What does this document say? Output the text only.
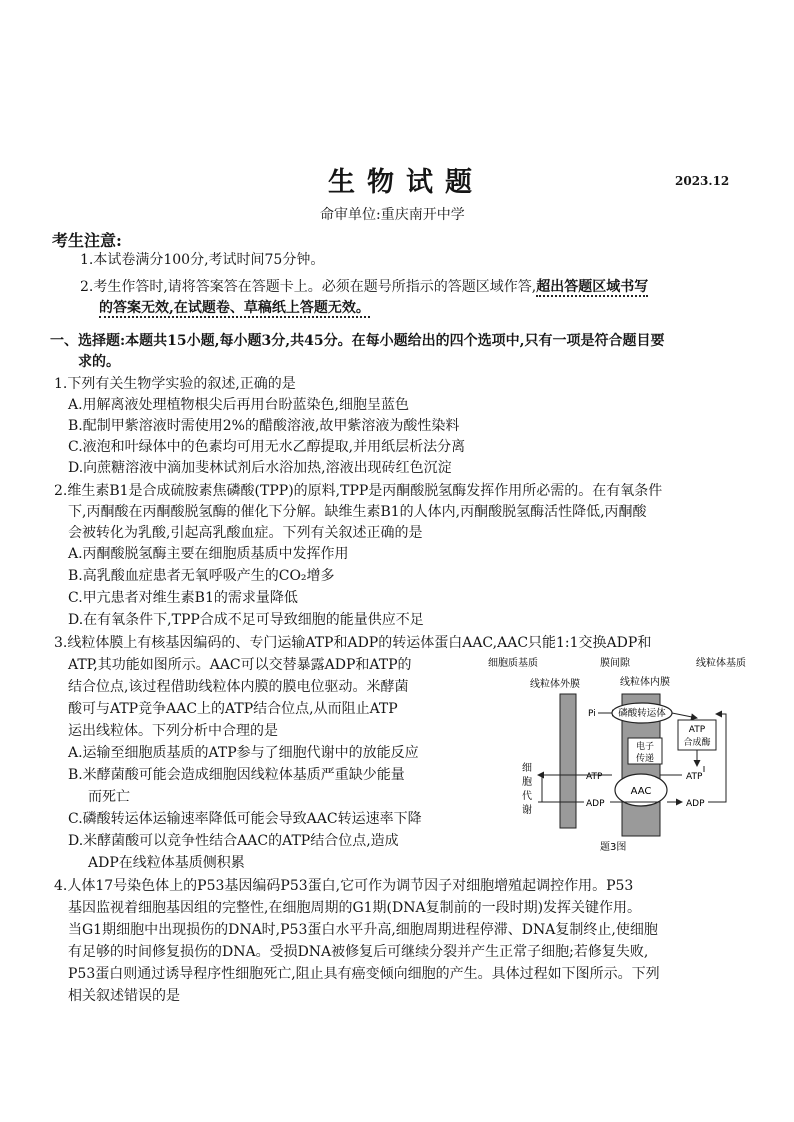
生物试题	2023.12
命审单位:重庆南开中学
考生注意:
1.本试卷满分100分,考试时间75分钟。
2.考生作答时,请将答案答在答题卡上。必须在题号所指示的答题区域作答,超出答题区域书写
的答案无效,在试题卷、草稿纸上答题无效。
一、选择题:本题共15小题,每小题3分,共45分。在每小题给出的四个选项中,只有一项是符合题目要
求的。
1.下列有关生物学实验的叙述,正确的是
A.用解离液处理植物根尖后再用台盼蓝染色,细胞呈蓝色
B.配制甲紫溶液时需使用2%的醋酸溶液,故甲紫溶液为酸性染料
C.液泡和叶绿体中的色素均可用无水乙醇提取,并用纸层析法分离
D.向蔗糖溶液中滴加斐林试剂后水浴加热,溶液出现砖红色沉淀
2.维生素B1是合成硫胺素焦磷酸(TPP)的原料,TPP是丙酮酸脱氢酶发挥作用所必需的。在有氧条件
下,丙酮酸在丙酮酸脱氢酶的催化下分解。缺维生素B1的人体内,丙酮酸脱氢酶活性降低,丙酮酸
会被转化为乳酸,引起高乳酸血症。下列有关叙述正确的是
A.丙酮酸脱氢酶主要在细胞质基质中发挥作用
B.高乳酸血症患者无氧呼吸产生的CO₂增多
C.甲亢患者对维生素B1的需求量降低
D.在有氧条件下,TPP合成不足可导致细胞的能量供应不足
3.线粒体膜上有核基因编码的、专门运输ATP和ADP的转运体蛋白AAC,AAC只能1:1交换ADP和
ATP,其功能如图所示。AAC可以交替暴露ADP和ATP的
结合位点,该过程借助线粒体内膜的膜电位驱动。米酵菌
酸可与ATP竞争AAC上的ATP结合位点,从而阻止ATP
运出线粒体。下列分析中合理的是
A.运输至细胞质基质的ATP参与了细胞代谢中的放能反应
B.米酵菌酸可能会造成细胞因线粒体基质严重缺少能量
而死亡
C.磷酸转运体运输速率降低可能会导致AAC转运速率下降
D.米酵菌酸可以竞争性结合AAC的ATP结合位点,造成
ADP在线粒体基质侧积累
细胞质基质	膜间隙	线粒体基质
线粒体外膜	线粒体内膜
Pi 磷酸转运体
ATP
合成酶
电子
传递
AAC
ATP	ATP
ADP	ADP
细
胞
代
谢
题3图
4.人体17号染色体上的P53基因编码P53蛋白,它可作为调节因子对细胞增殖起调控作用。P53
基因监视着细胞基因组的完整性,在细胞周期的G1期(DNA复制前的一段时期)发挥关键作用。
当G1期细胞中出现损伤的DNA时,P53蛋白水平升高,细胞周期进程停滞、DNA复制终止,使细胞
有足够的时间修复损伤的DNA。受损DNA被修复后可继续分裂并产生正常子细胞;若修复失败,
P53蛋白则通过诱导程序性细胞死亡,阻止具有癌变倾向细胞的产生。具体过程如下图所示。下列
相关叙述错误的是
